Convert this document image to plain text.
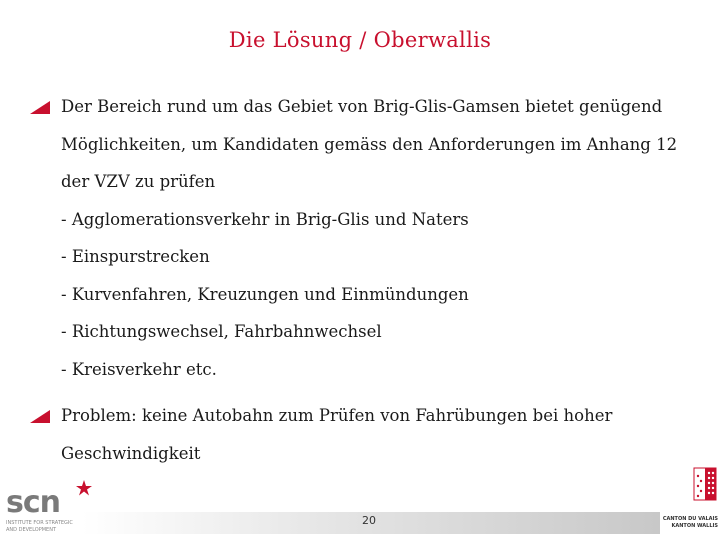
Die Lösung / Oberwallis
Der Bereich rund um das Gebiet von Brig-Glis-Gamsen bietet genügend
Möglichkeiten, um Kandidaten gemäss den Anforderungen im Anhang 12
der VZV zu prüfen
- Agglomerationsverkehr in Brig-Glis und Naters
- Einspurstrecken
- Kurvenfahren, Kreuzungen und Einmündungen
- Richtungswechsel, Fahrbahnwechsel
- Kreisverkehr etc.
Problem: keine Autobahn zum Prüfen von Fahrübungen bei hoher
Geschwindigkeit
20
scn
INSTITUTE FOR STRATEGIC
AND DEVELOPMENT
CANTON DU VALAIS
KANTON WALLIS
